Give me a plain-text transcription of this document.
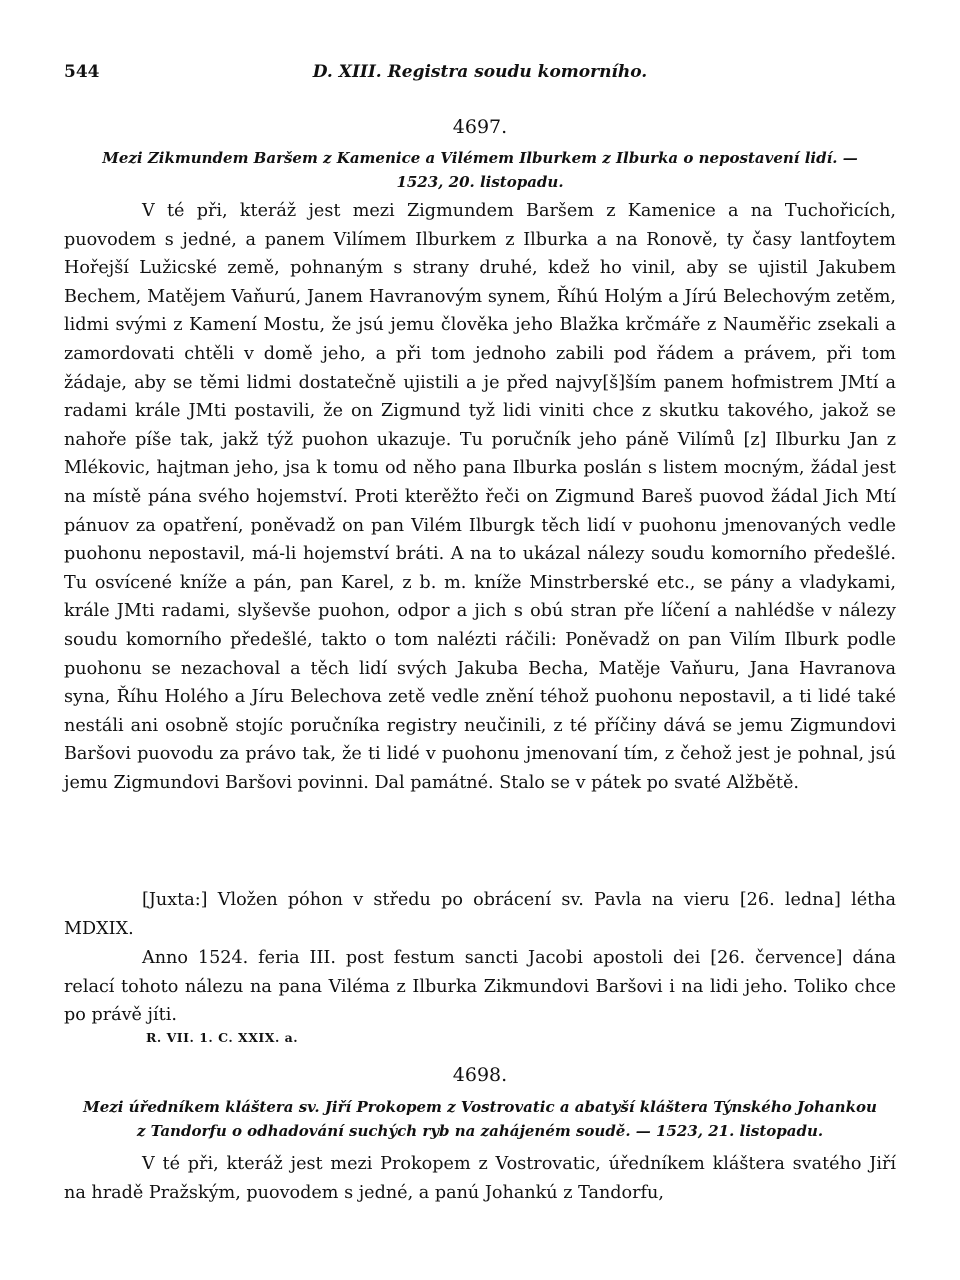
544	D. XIII. Registra soudu komorního.
4697.
Mezi Zikmundem Baršem z Kamenice a Vilémem Ilburkem z Ilburka o nepostavení lidí. —
1523, 20. listopadu.

V té při, kteráž jest mezi Zigmundem Baršem z Kamenice a na Tuchořicích, puovodem s jedné, a panem Vilímem Ilburkem z Ilburka a na Ronově, ty časy lantfoytem Hořejší Lužicské země, pohnaným s strany druhé, kdež ho vinil, aby se ujistil Jakubem Bechem, Matějem Vaňurú, Janem Havranovým synem, Říhú Holým a Jírú Belechovým zetěm, lidmi svými z Kamení Mostu, že jsú jemu člověka jeho Blažka krčmáře z Nauměřic zsekali a zamordovati chtěli v domě jeho, a při tom jednoho zabili pod řádem a právem, při tom žádaje, aby se těmi lidmi dostatečně ujistili a je před najvy[š]ším panem hofmistrem JMtí a radami krále JMti postavili, že on Zigmund tyž lidi viniti chce z skutku takového, jakož se nahoře píše tak, jakž týž puohon ukazuje. Tu poručník jeho páně Vilímů [z] Ilburku Jan z Mlékovic, hajtman jeho, jsa k tomu od něho pana Ilburka poslán s listem mocným, žádal jest na místě pána svého hojemství. Proti kterěžto řeči on Zigmund Bareš puovod žádal Jich Mtí pánuov za opatření, poněvadž on pan Vilém Ilburgk těch lidí v puohonu jmenovaných vedle puohonu nepostavil, má-li hojemství bráti. A na to ukázal nálezy soudu komorního předešlé. Tu osvícené kníže a pán, pan Karel, z b. m. kníže Minstrberské etc., se pány a vladykami, krále JMti radami, slyševše puohon, odpor a jich s obú stran pře líčení a nahlédše v nálezy soudu komorního předešlé, takto o tom nalézti ráčili: Poněvadž on pan Vilím Ilburk podle puohonu se nezachoval a těch lidí svých Jakuba Becha, Matěje Vaňuru, Jana Havranova syna, Říhu Holého a Jíru Belechova zetě vedle znění téhož puohonu nepostavil, a ti lidé také nestáli ani osobně stojíc poručníka registry neučinili, z té příčiny dává se jemu Zigmundovi Baršovi puovodu za právo tak, že ti lidé v puohonu jmenovaní tím, z čehož jest je pohnal, jsú jemu Zigmundovi Baršovi povinni. Dal památné. Stalo se v pátek po svaté Alžbětě.

[Juxta:] Vložen póhon v středu po obrácení sv. Pavla na vieru [26. ledna] létha MDXIX.

Anno 1524. feria III. post festum sancti Jacobi apostoli dei [26. července] dána relací tohoto nálezu na pana Viléma z Ilburka Zikmundovi Baršovi i na lidi jeho. Toliko chce po právě jíti.

R. VII. 1. C. XXIX. a.
4698.
Mezi úředníkem kláštera sv. Jiří Prokopem z Vostrovatic a abatyší kláštera Týnského Johankou
z Tandorfu o odhadování suchých ryb na zahájeném soudě. — 1523, 21. listopadu.

V té při, kteráž jest mezi Prokopem z Vostrovatic, úředníkem kláštera svatého Jiří na hradě Pražským, puovodem s jedné, a panú Johankú z Tandorfu,
